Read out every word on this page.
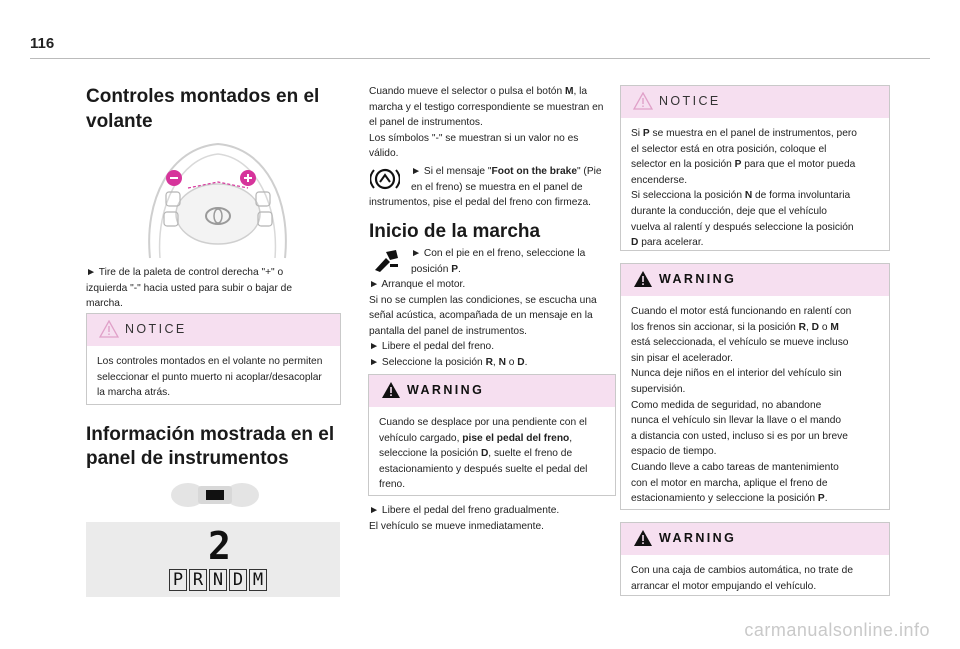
116
Controles montados en el
volante
► Tire de la paleta de control derecha "+" o
izquierda "-" hacia usted para subir o bajar de
marcha.
NOTICE
Los controles montados en el volante no permiten
seleccionar el punto muerto ni acoplar/desacoplar
la marcha atrás.
Información mostrada en el
panel de instrumentos
2
P R N D M
Cuando mueve el selector o pulsa el botón M, la
marcha y el testigo correspondiente se muestran en
el panel de instrumentos.
Los símbolos "-" se muestran si un valor no es
válido.
► Si el mensaje "Foot on the brake" (Pie
en el freno) se muestra en el panel de
instrumentos, pise el pedal del freno con firmeza.
Inicio de la marcha
► Con el pie en el freno, seleccione la
posición P.
► Arranque el motor.
Si no se cumplen las condiciones, se escucha una
señal acústica, acompañada de un mensaje en la
pantalla del panel de instrumentos.
► Libere el pedal del freno.
► Seleccione la posición R, N o D.
WARNING
Cuando se desplace por una pendiente con el
vehículo cargado, pise el pedal del freno,
seleccione la posición D, suelte el freno de
estacionamiento y después suelte el pedal del
freno.
► Libere el pedal del freno gradualmente.
El vehículo se mueve inmediatamente.
NOTICE
Si P se muestra en el panel de instrumentos, pero
el selector está en otra posición, coloque el
selector en la posición P para que el motor pueda
encenderse.
Si selecciona la posición N de forma involuntaria
durante la conducción, deje que el vehículo
vuelva al ralentí y después seleccione la posición
D para acelerar.
WARNING
Cuando el motor está funcionando en ralentí con
los frenos sin accionar, si la posición R, D o M
está seleccionada, el vehículo se mueve incluso
sin pisar el acelerador.
Nunca deje niños en el interior del vehículo sin
supervisión.
Como medida de seguridad, no abandone
nunca el vehículo sin llevar la llave o el mando
a distancia con usted, incluso si es por un breve
espacio de tiempo.
Cuando lleve a cabo tareas de mantenimiento
con el motor en marcha, aplique el freno de
estacionamiento y seleccione la posición P.
WARNING
Con una caja de cambios automática, no trate de
arrancar el motor empujando el vehículo.
carmanualsonline.info
